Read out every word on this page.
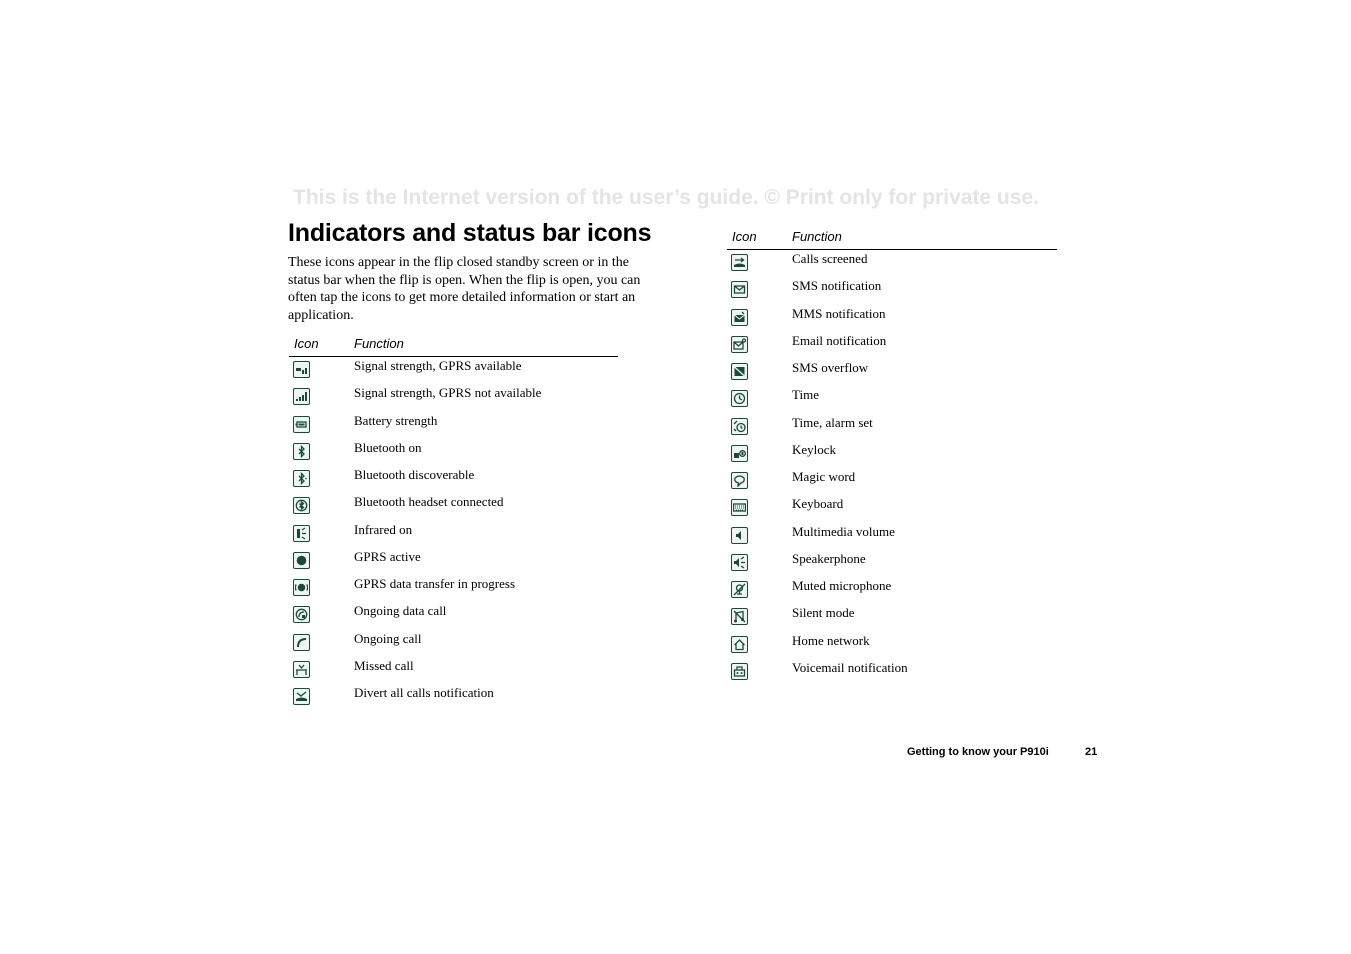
This is the Internet version of the user’s guide. © Print only for private use.
Indicators and status bar icons

These icons appear in the flip closed standby screen or in the status bar when the flip is open. When the flip is open, you can often tap the icons to get more detailed information or start an application.

Icon	Function
Signal strength, GPRS available
Signal strength, GPRS not available
Battery strength
Bluetooth on
Bluetooth discoverable
Bluetooth headset connected
Infrared on
GPRS active
GPRS data transfer in progress
Ongoing data call
Ongoing call
Missed call
Divert all calls notification
Icon	Function
Calls screened
SMS notification
MMS notification
Email notification
SMS overflow
Time
Time, alarm set
Keylock
Magic word
Keyboard
Multimedia volume
Speakerphone
Muted microphone
Silent mode
Home network
Voicemail notification
Getting to know your P910i	21
